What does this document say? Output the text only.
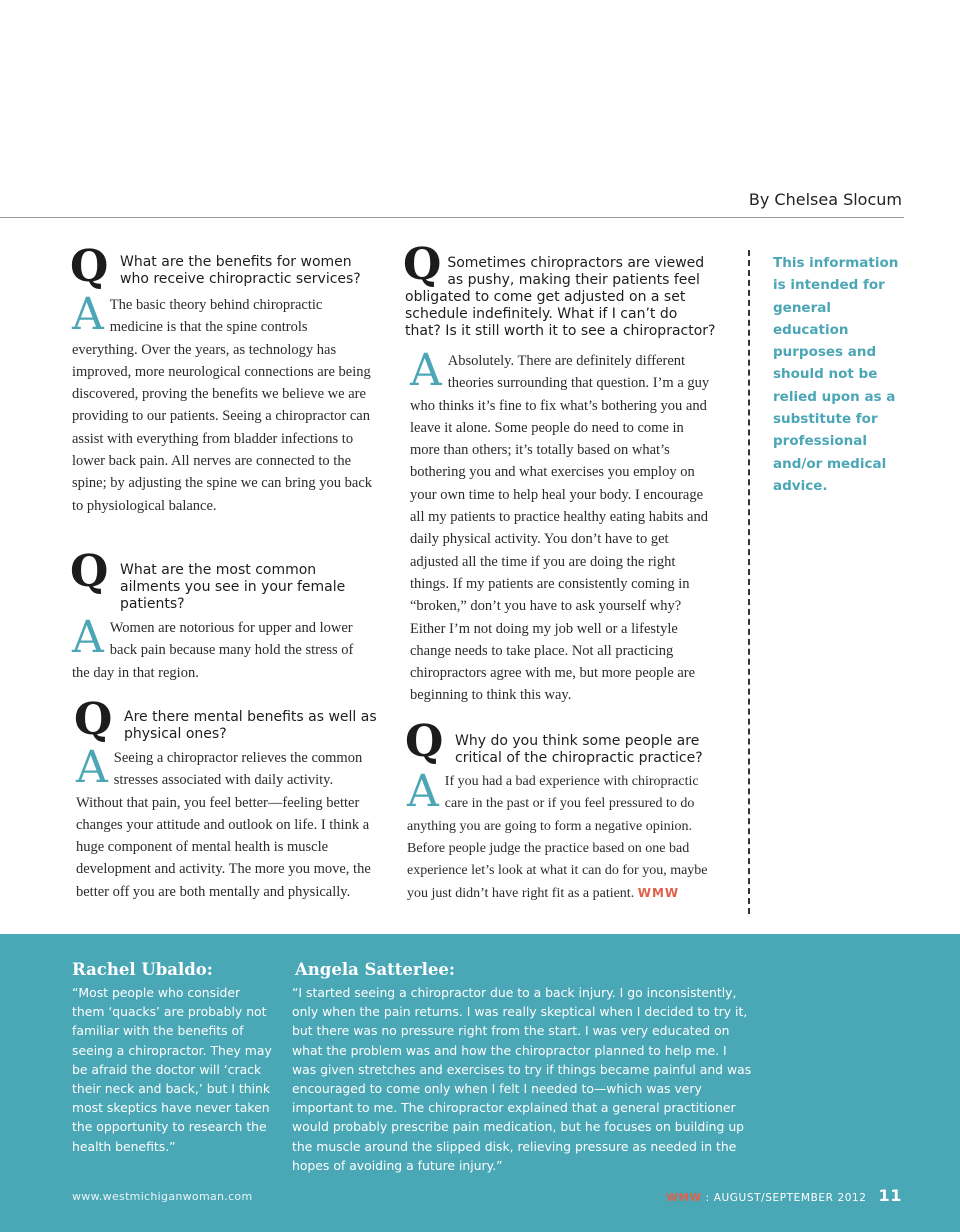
By Chelsea Slocum
Q What are the benefits for women who receive chiropractic services?
A The basic theory behind chiropractic medicine is that the spine controls everything. Over the years, as technology has improved, more neurological connections are being discovered, proving the benefits we believe we are providing to our patients. Seeing a chiropractor can assist with everything from bladder infections to lower back pain. All nerves are connected to the spine; by adjusting the spine we can bring you back to physiological balance.
Q What are the most common ailments you see in your female patients?
A Women are notorious for upper and lower back pain because many hold the stress of the day in that region.
Q Are there mental benefits as well as physical ones?
A Seeing a chiropractor relieves the common stresses associated with daily activity. Without that pain, you feel better—feeling better changes your attitude and outlook on life. I think a huge component of mental health is muscle development and activity. The more you move, the better off you are both mentally and physically.
Q Sometimes chiropractors are viewed as pushy, making their patients feel obligated to come get adjusted on a set schedule indefinitely. What if I can’t do that? Is it still worth it to see a chiropractor?
A Absolutely. There are definitely different theories surrounding that question. I’m a guy who thinks it’s fine to fix what’s bothering you and leave it alone. Some people do need to come in more than others; it’s totally based on what’s bothering you and what exercises you employ on your own time to help heal your body. I encourage all my patients to practice healthy eating habits and daily physical activity. You don’t have to get adjusted all the time if you are doing the right things. If my patients are consistently coming in “broken,” don’t you have to ask yourself why? Either I’m not doing my job well or a lifestyle change needs to take place. Not all practicing chiropractors agree with me, but more people are beginning to think this way.
Q Why do you think some people are critical of the chiropractic practice?
A If you had a bad experience with chiropractic care in the past or if you feel pressured to do anything you are going to form a negative opinion. Before people judge the practice based on one bad experience let’s look at what it can do for you, maybe you just didn’t have right fit as a patient. WMW
This information is intended for general education purposes and should not be relied upon as a substitute for professional and/or medical advice.
Rachel Ubaldo:

“Most people who consider them ‘quacks’ are probably not familiar with the benefits of seeing a chiropractor. They may be afraid the doctor will ‘crack their neck and back,’ but I think most skeptics have never taken the opportunity to research the health benefits.”

Angela Satterlee:

“I started seeing a chiropractor due to a back injury. I go inconsistently, only when the pain returns. I was really skeptical when I decided to try it, but there was no pressure right from the start. I was very educated on what the problem was and how the chiropractor planned to help me. I was given stretches and exercises to try if things became painful and was encouraged to come only when I felt I needed to—which was very important to me. The chiropractor explained that a general practitioner would probably prescribe pain medication, but he focuses on building up the muscle around the slipped disk, relieving pressure as needed in the hopes of avoiding a future injury.”

www.westmichiganwoman.com	WMW : AUGUST/SEPTEMBER 2012 11
